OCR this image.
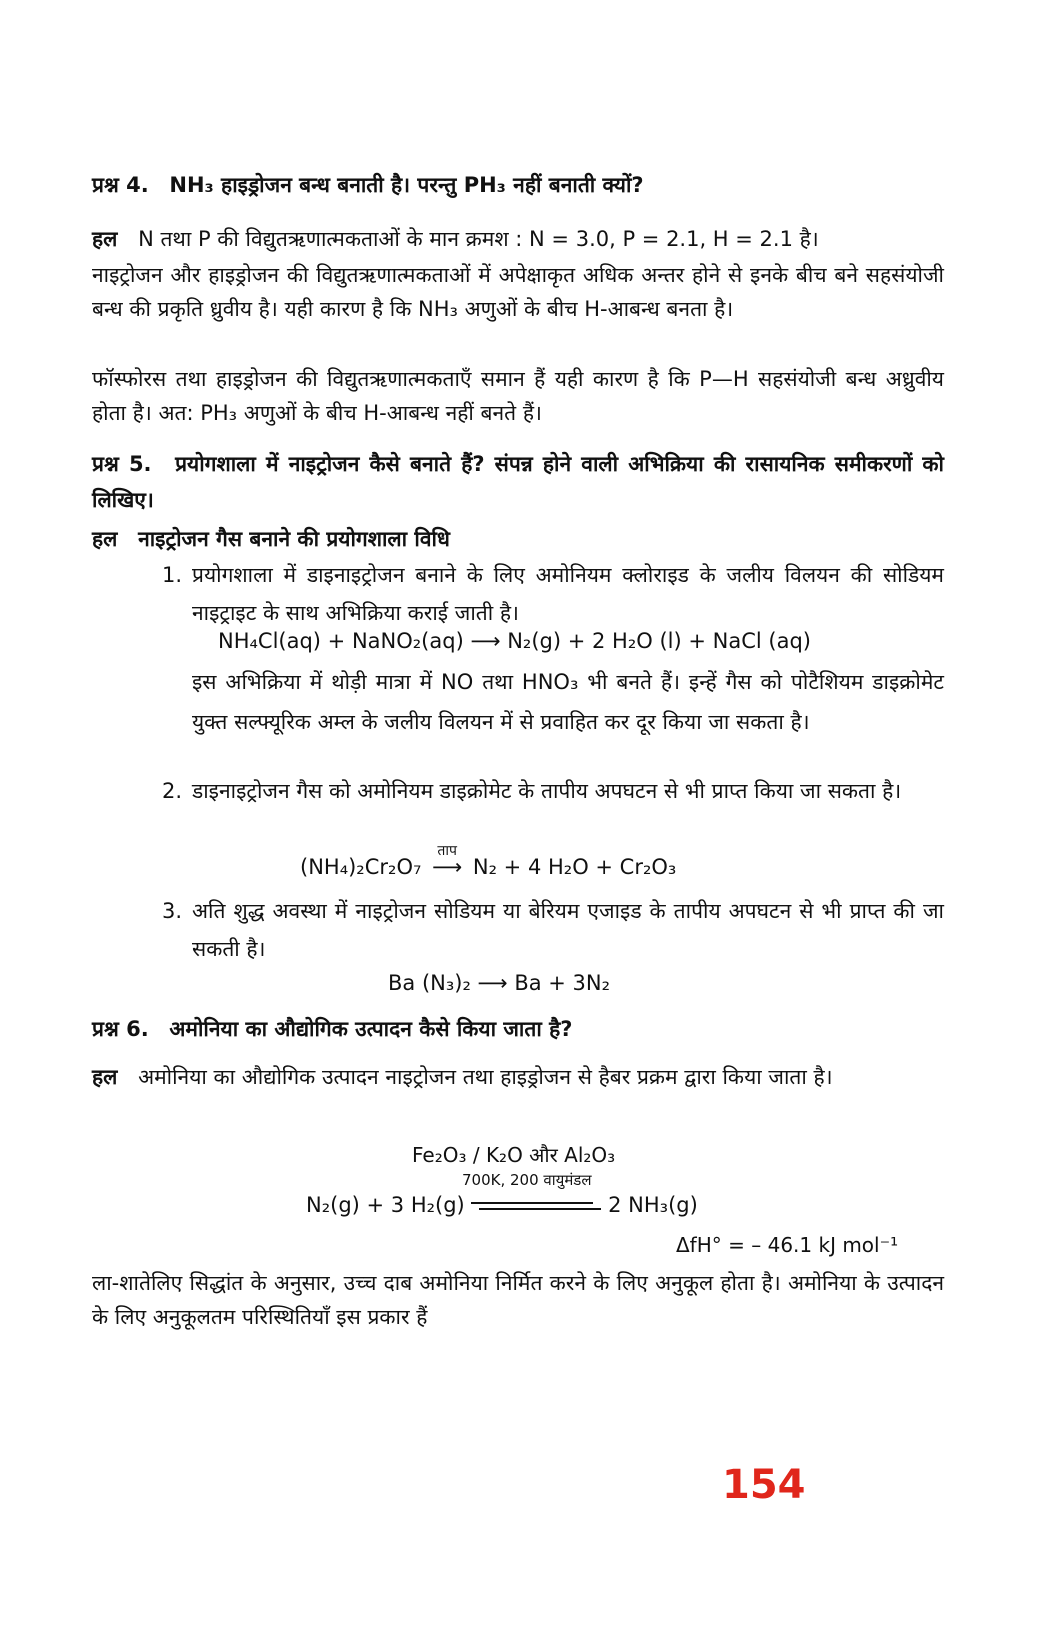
प्रश्न 4. NH₃ हाइड्रोजन बन्ध बनाती है। परन्तु PH₃ नहीं बनाती क्यों?
हल N तथा P की विद्युतऋणात्मकताओं के मान क्रमश : N = 3.0, P = 2.1, H = 2.1 है।
नाइट्रोजन और हाइड्रोजन की विद्युतऋणात्मकताओं में अपेक्षाकृत अधिक अन्तर होने से इनके बीच बने सहसंयोजी बन्ध की प्रकृति ध्रुवीय है। यही कारण है कि NH₃ अणुओं के बीच H-आबन्ध बनता है।
फॉस्फोरस तथा हाइड्रोजन की विद्युतऋणात्मकताएँ समान हैं यही कारण है कि P—H सहसंयोजी बन्ध अध्रुवीय होता है। अत: PH₃ अणुओं के बीच H-आबन्ध नहीं बनते हैं।
प्रश्न 5. प्रयोगशाला में नाइट्रोजन कैसे बनाते हैं? संपन्न होने वाली अभिक्रिया की रासायनिक समीकरणों को लिखिए।
हल नाइट्रोजन गैस बनाने की प्रयोगशाला विधि
1. प्रयोगशाला में डाइनाइट्रोजन बनाने के लिए अमोनियम क्लोराइड के जलीय विलयन की सोडियम नाइट्राइट के साथ अभिक्रिया कराई जाती है।
NH₄Cl(aq) + NaNO₂(aq) ⟶ N₂(g) + 2 H₂O (l) + NaCl (aq)
इस अभिक्रिया में थोड़ी मात्रा में NO तथा HNO₃ भी बनते हैं। इन्हें गैस को पोटैशियम डाइक्रोमेट युक्त सल्फ्यूरिक अम्ल के जलीय विलयन में से प्रवाहित कर दूर किया जा सकता है।
2. डाइनाइट्रोजन गैस को अमोनियम डाइक्रोमेट के तापीय अपघटन से भी प्राप्त किया जा सकता है।
(NH₄)₂Cr₂O₇
ताप
⟶ N₂ + 4 H₂O + Cr₂O₃
3. अति शुद्ध अवस्था में नाइट्रोजन सोडियम या बेरियम एजाइड के तापीय अपघटन से भी प्राप्त की जा सकती है।
Ba (N₃)₂ ⟶ Ba + 3N₂
प्रश्न 6. अमोनिया का औद्योगिक उत्पादन कैसे किया जाता है?
हल अमोनिया का औद्योगिक उत्पादन नाइट्रोजन तथा हाइड्रोजन से हैबर प्रक्रम द्वारा किया जाता है।
Fe₂O₃ / K₂O और Al₂O₃
700K, 200 वायुमंडल
N₂(g) + 3 H₂(g)	2 NH₃(g)
ΔfH° = – 46.1 kJ mol⁻¹
ला-शातेलिए सिद्धांत के अनुसार, उच्च दाब अमोनिया निर्मित करने के लिए अनुकूल होता है। अमोनिया के उत्पादन के लिए अनुकूलतम परिस्थितियाँ इस प्रकार हैं
154
